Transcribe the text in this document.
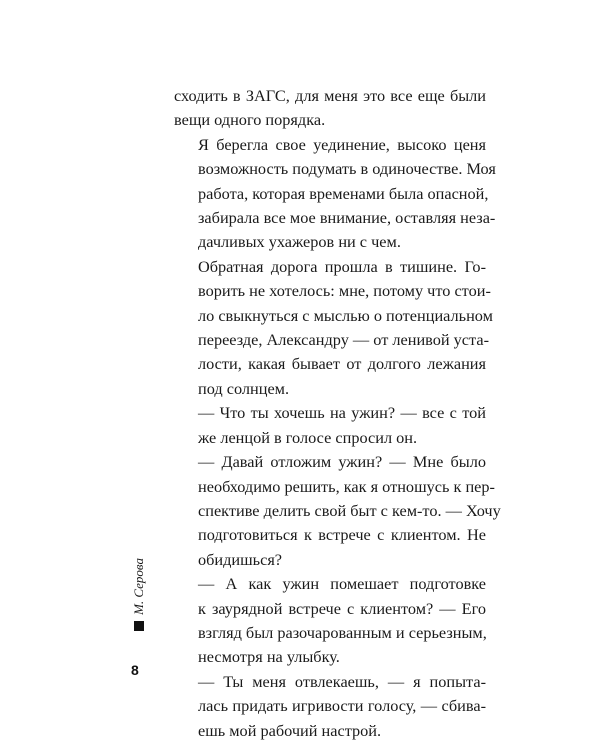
сходить в ЗАГС, для меня это все еще были
вещи одного порядка.

Я берегла свое уединение, высоко ценя
возможность подумать в одиночестве. Моя
работа, которая временами была опасной,
забирала все мое внимание, оставляя неза-
дачливых ухажеров ни с чем.

Обратная дорога прошла в тишине. Го-
ворить не хотелось: мне, потому что стои-
ло свыкнуться с мыслью о потенциальном
переезде, Александру — от ленивой уста-
лости, какая бывает от долгого лежания
под солнцем.

— Что ты хочешь на ужин? — все с той
же ленцой в голосе спросил он.

— Давай отложим ужин? — Мне было
необходимо решить, как я отношусь к пер-
спективе делить свой быт с кем-то. — Хочу
подготовиться к встрече с клиентом. Не
обидишься?

— А как ужин помешает подготовке
к заурядной встрече с клиентом? — Его
взгляд был разочарованным и серьезным,
несмотря на улыбку.

— Ты меня отвлекаешь, — я попыта-
лась придать игривости голосу, — сбива-
ешь мой рабочий настрой.

М. Серова
8
